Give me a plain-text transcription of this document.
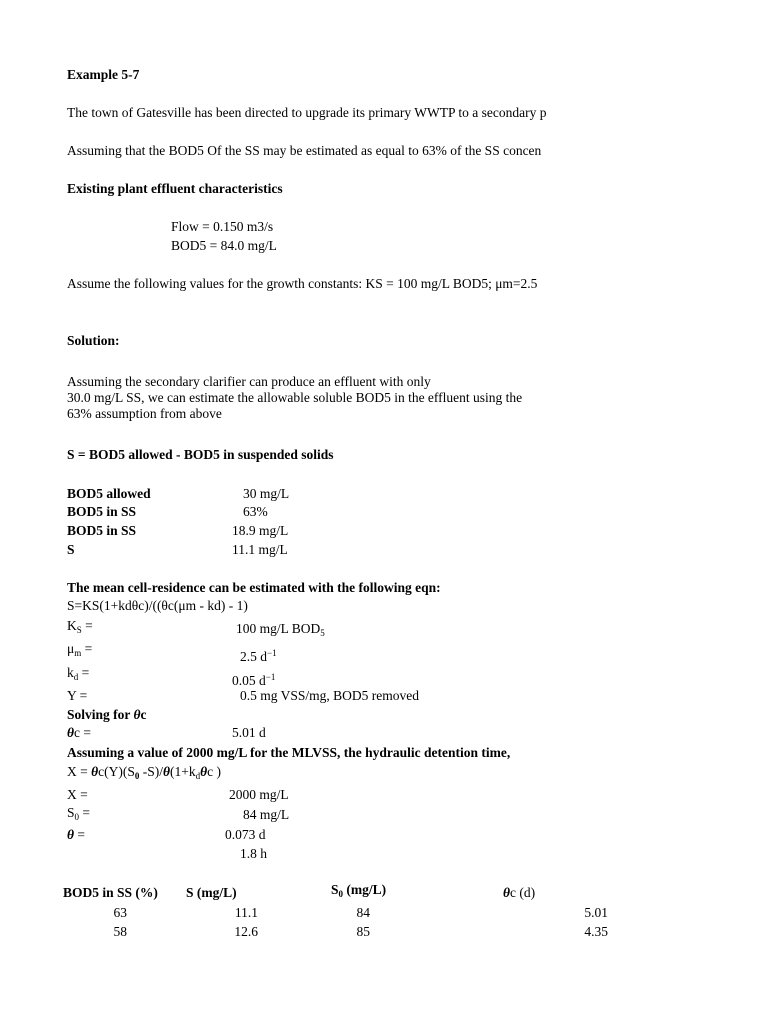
Example 5-7
The town of Gatesville has been directed to upgrade its primary WWTP to a secondary p
Assuming that the BOD5 Of the SS may be estimated as equal to 63% of the SS concen
Existing plant effluent characteristics
Flow = 0.150 m3/s
BOD5 = 84.0 mg/L
Assume the following values for the growth constants: KS = 100 mg/L BOD5; μm=2.5
Solution:
Assuming the secondary clarifier can produce an effluent with only
30.0 mg/L SS, we can estimate the allowable soluble BOD5 in the effluent using the
63% assumption from above
S = BOD5 allowed - BOD5 in suspended solids
BOD5 allowed	30 mg/L
BOD5 in SS	63%
BOD5 in SS	18.9 mg/L
S	11.1 mg/L
The mean cell-residence can be estimated with the following eqn:
S=KS(1+kdθc)/((θc(μm - kd) - 1)
$K_S$ =	100 mg/L $BOD_5$
$\mu_m$ =
2.5 $d^{-1}$
$k_d$ =
0.05 $d^{-1}$
Y =	0.5 mg VSS/mg, BOD5 removed
Solving for θc
θc =	5.01 d
Assuming a value of 2000 mg/L for the MLVSS, the hydraulic detention time,
$X = \theta c(Y)(S_0$ $-S)/\theta(1+k_d\theta c$ )
X =	2000 mg/L
$S_0$ =	84 mg/L
θ =	0.073 d
1.8 h
BOD5 in SS (%) S (mg/L)	$S_0$ (mg/L)	θc (d)
63	11.1	84	5.01
58	12.6	85	4.35
